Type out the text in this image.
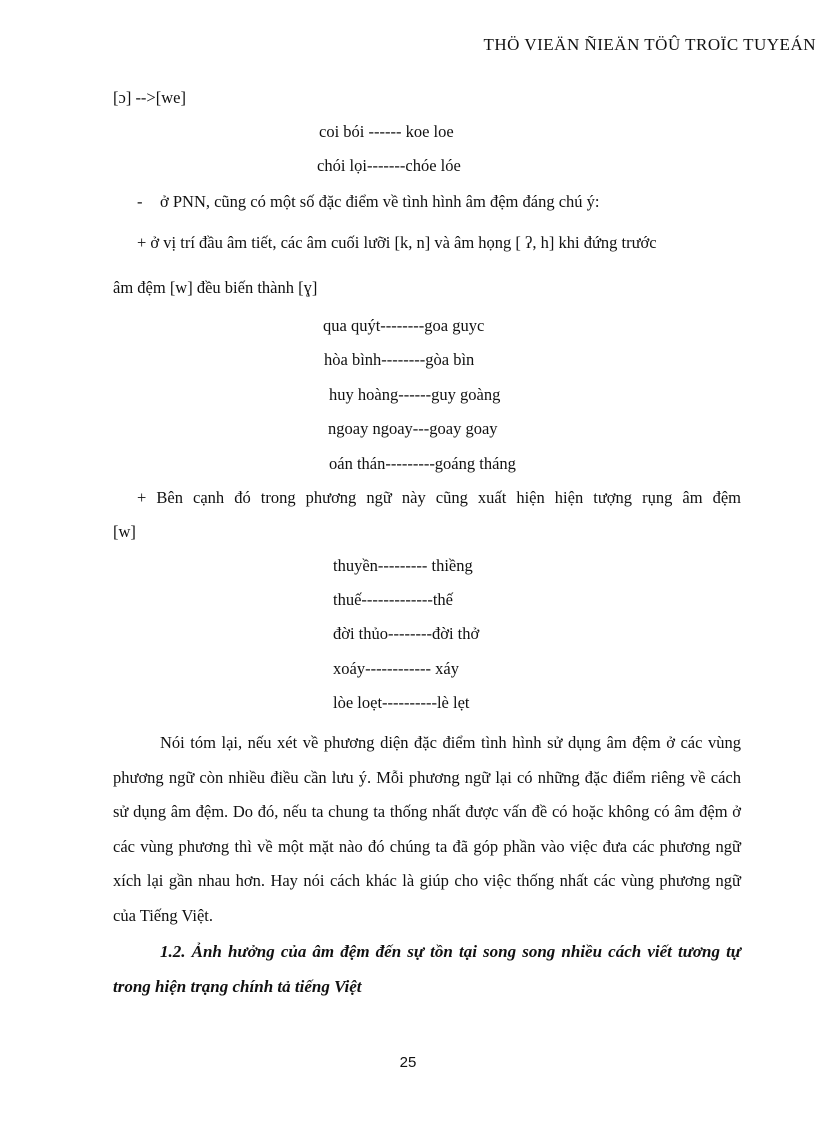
THÖ VIEÄN ÑIEÄN TÖÛ TROÏC TUYEÁN
[ɔ] -->[we]
coi bói ------ koe loe
chói lọi-------chóe lóe
- ở PNN, cũng có một số đặc điểm về tình hình âm đệm đáng chú ý:
+ ở vị trí đầu âm tiết, các âm cuối lưỡi [k, n] và âm họng [ ʔ, h] khi đứng trước
âm đệm [w] đều biến thành [ɣ]
qua quýt--------goa guyc
hòa bình--------gòa bìn
huy hoàng------guy goàng
ngoay ngoay---goay goay
oán thán---------goáng tháng
+ Bên cạnh đó trong phương ngữ này cũng xuất hiện hiện tượng rụng âm đệm
[w]
thuyền--------- thiềng
thuế-------------thế
đời thủo--------đời thở
xoáy------------ xáy
lòe loẹt----------lè lẹt

Nói tóm lại, nếu xét về phương diện đặc điểm tình hình sử dụng âm đệm ở các vùng phương ngữ còn nhiều điều cần lưu ý. Mỗi phương ngữ lại có những đặc điểm riêng về cách sử dụng âm đệm. Do đó, nếu ta chung ta thống nhất được vấn đề có hoặc không có âm đệm ở các vùng phương thì về một mặt nào đó chúng ta đã góp phần vào việc đưa các phương ngữ xích lại gần nhau hơn. Hay nói cách khác là giúp cho việc thống nhất các vùng phương ngữ của Tiếng Việt.

1.2. Ảnh hưởng của âm đệm đến sự tồn tại song song nhiều cách viết tương tự trong hiện trạng chính tả tiếng Việt

25
